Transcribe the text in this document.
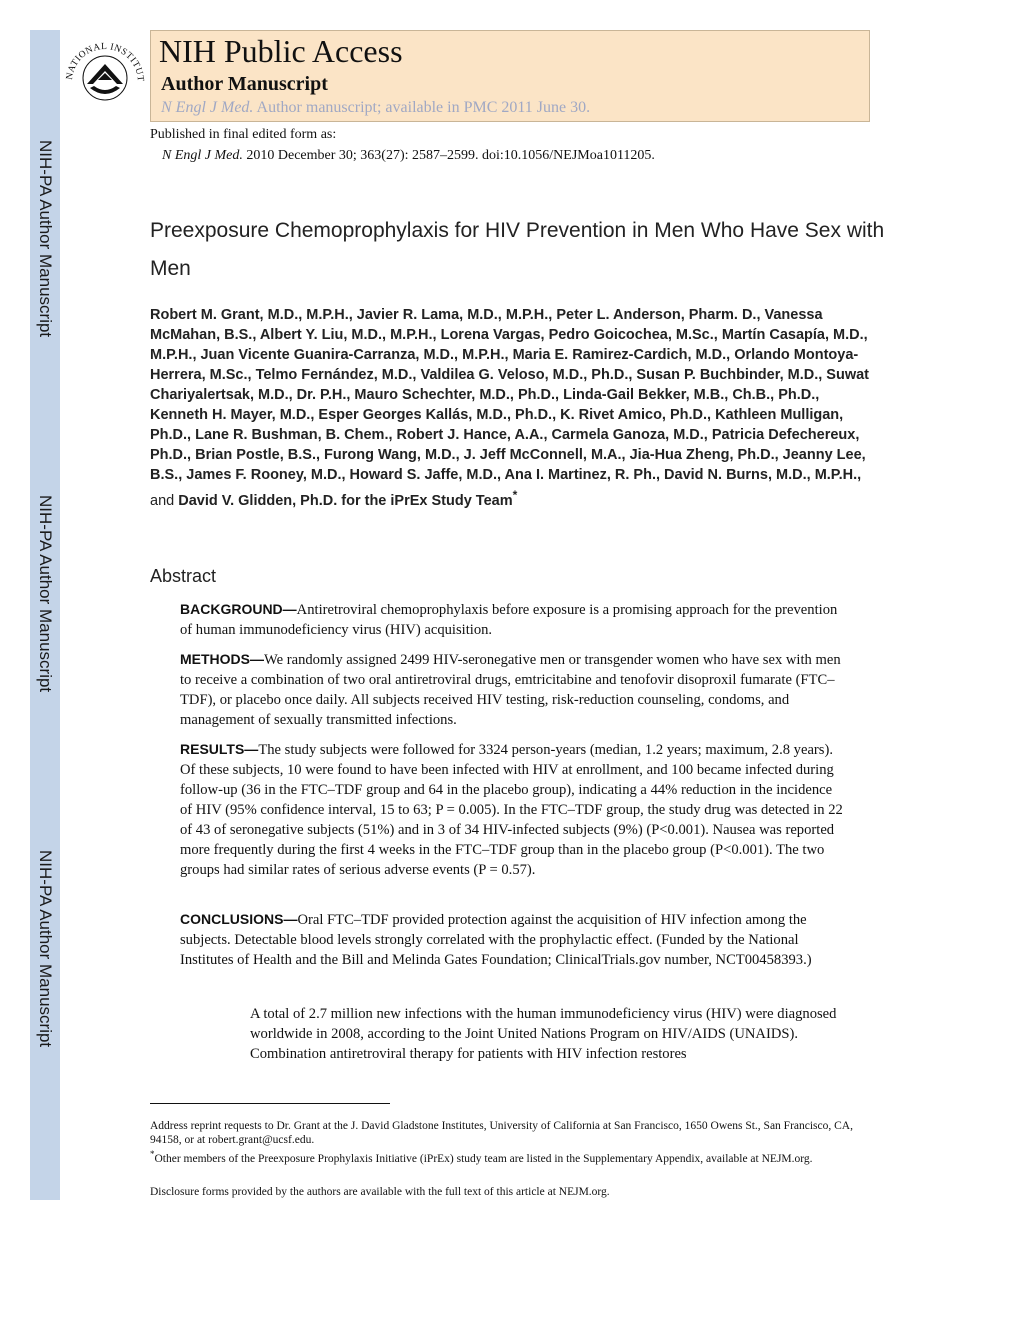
NIH-PA Author Manuscript
NIH-PA Author Manuscript
NIH-PA Author Manuscript
NATIONAL INSTITUT
NIH Public Access
Author Manuscript
N Engl J Med. Author manuscript; available in PMC 2011 June 30.
Published in final edited form as:
N Engl J Med. 2010 December 30; 363(27): 2587–2599. doi:10.1056/NEJMoa1011205.
Preexposure Chemoprophylaxis for HIV Prevention in Men Who Have Sex with Men
Robert M. Grant, M.D., M.P.H., Javier R. Lama, M.D., M.P.H., Peter L. Anderson, Pharm. D., Vanessa McMahan, B.S., Albert Y. Liu, M.D., M.P.H., Lorena Vargas, Pedro Goicochea, M.Sc., Martín Casapía, M.D., M.P.H., Juan Vicente Guanira-Carranza, M.D., M.P.H., Maria E. Ramirez-Cardich, M.D., Orlando Montoya-Herrera, M.Sc., Telmo Fernández, M.D., Valdilea G. Veloso, M.D., Ph.D., Susan P. Buchbinder, M.D., Suwat Chariyalertsak, M.D., Dr. P.H., Mauro Schechter, M.D., Ph.D., Linda-Gail Bekker, M.B., Ch.B., Ph.D., Kenneth H. Mayer, M.D., Esper Georges Kallás, M.D., Ph.D., K. Rivet Amico, Ph.D., Kathleen Mulligan, Ph.D., Lane R. Bushman, B. Chem., Robert J. Hance, A.A., Carmela Ganoza, M.D., Patricia Defechereux, Ph.D., Brian Postle, B.S., Furong Wang, M.D., J. Jeff McConnell, M.A., Jia-Hua Zheng, Ph.D., Jeanny Lee, B.S., James F. Rooney, M.D., Howard S. Jaffe, M.D., Ana I. Martinez, R. Ph., David N. Burns, M.D., M.P.H., and David V. Glidden, Ph.D. for the iPrEx Study Team*
Abstract
BACKGROUND—Antiretroviral chemoprophylaxis before exposure is a promising approach for the prevention of human immunodeficiency virus (HIV) acquisition.
METHODS—We randomly assigned 2499 HIV-seronegative men or transgender women who have sex with men to receive a combination of two oral antiretroviral drugs, emtricitabine and tenofovir disoproxil fumarate (FTC–TDF), or placebo once daily. All subjects received HIV testing, risk-reduction counseling, condoms, and management of sexually transmitted infections.
RESULTS—The study subjects were followed for 3324 person-years (median, 1.2 years; maximum, 2.8 years). Of these subjects, 10 were found to have been infected with HIV at enrollment, and 100 became infected during follow-up (36 in the FTC–TDF group and 64 in the placebo group), indicating a 44% reduction in the incidence of HIV (95% confidence interval, 15 to 63; P = 0.005). In the FTC–TDF group, the study drug was detected in 22 of 43 of seronegative subjects (51%) and in 3 of 34 HIV-infected subjects (9%) (P<0.001). Nausea was reported more frequently during the first 4 weeks in the FTC–TDF group than in the placebo group (P<0.001). The two groups had similar rates of serious adverse events (P = 0.57).
CONCLUSIONS—Oral FTC–TDF provided protection against the acquisition of HIV infection among the subjects. Detectable blood levels strongly correlated with the prophylactic effect. (Funded by the National Institutes of Health and the Bill and Melinda Gates Foundation; ClinicalTrials.gov number, NCT00458393.)
A total of 2.7 million new infections with the human immunodeficiency virus (HIV) were diagnosed worldwide in 2008, according to the Joint United Nations Program on HIV/AIDS (UNAIDS). Combination antiretroviral therapy for patients with HIV infection restores
Address reprint requests to Dr. Grant at the J. David Gladstone Institutes, University of California at San Francisco, 1650 Owens St., San Francisco, CA, 94158, or at robert.grant@ucsf.edu.
*Other members of the Preexposure Prophylaxis Initiative (iPrEx) study team are listed in the Supplementary Appendix, available at NEJM.org.
Disclosure forms provided by the authors are available with the full text of this article at NEJM.org.
